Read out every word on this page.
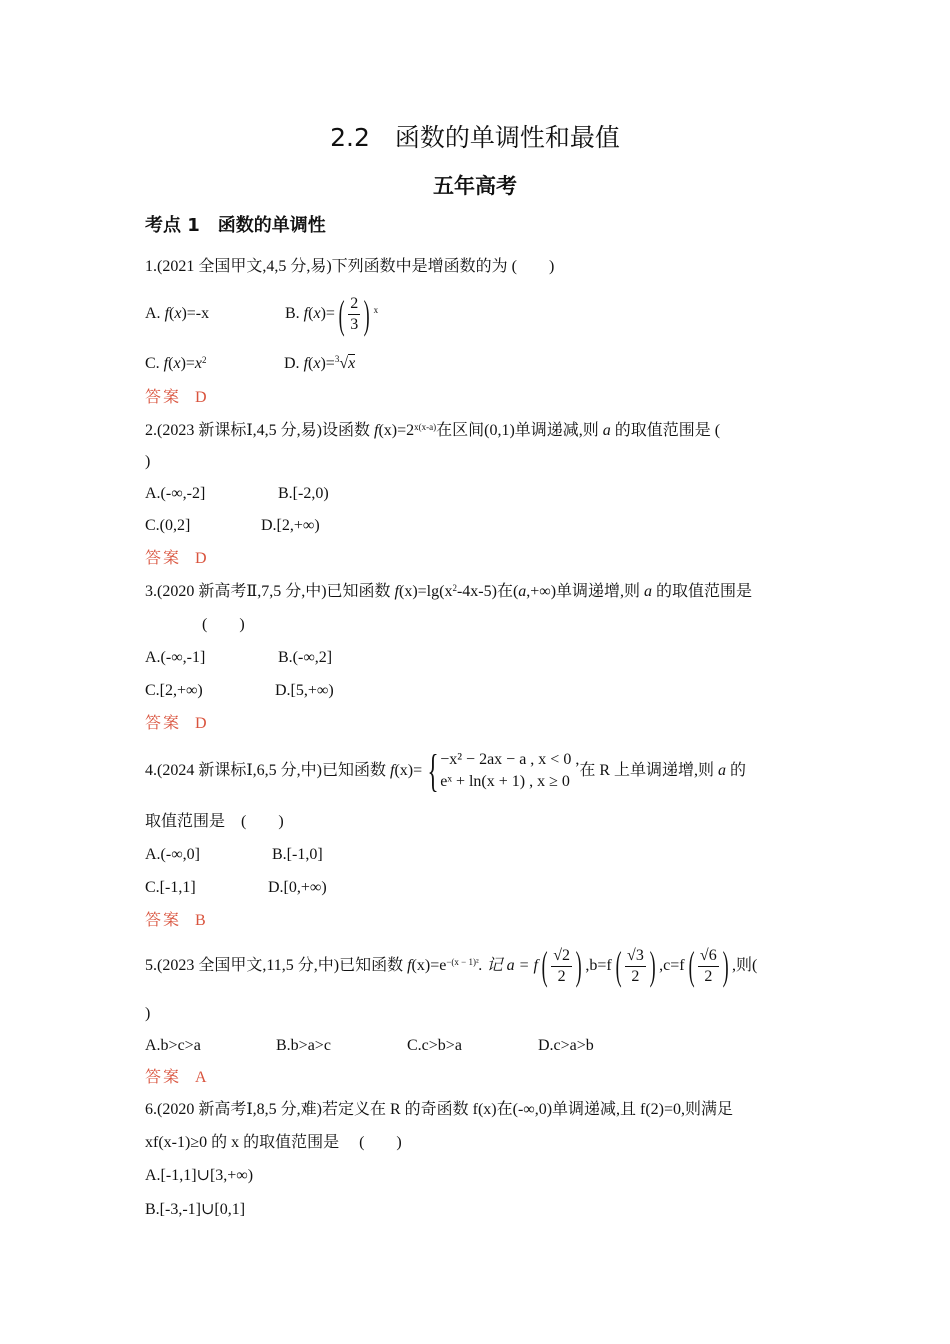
2.2　函数的单调性和最值
五年高考
考点 1　函数的单调性
1.(2021 全国甲文,4,5 分,易)下列函数中是增函数的为 (　　)
A. f(x)=-x	B. $f(x)=( \frac{2}{3}$ ) $^x$
C. $f(x)=x^2$	D. f(x)=$^3$√x
答案 D
2.(2023 新课标Ⅰ,4,5 分,易)设函数 $f(x)=2^{x(x-a)}$在区间(0,1)单调递减,则 a 的取值范围是 (
)
A.(-∞,-2]	B.[-2,0)
C.(0,2]	D.[2,+∞)
答案 D
3.(2020 新高考Ⅱ,7,5 分,中)已知函数 $f(x)=\lg(x^2-4x-5)$在(a,+∞)单调递增,则 a 的取值范围是
(　　)
A.(-∞,-1]	B.(-∞,2]
C.[2,+∞)	D.[5,+∞)
答案 D
4.(2024 新课标Ⅰ,6,5 分,中)已知函数 f(x)= { −x² − 2ax − a , x < 0 ,
eˣ + ln(x + 1) , x ≥ 0
在 R 上单调递增,则 a 的
取值范围是　(　　)
A.(-∞,0]	B.[-1,0]
C.[-1,1]	D.[0,+∞)
答案 B
5.(2023 全国甲文,11,5 分,中)已知函数 $f(x)=e^{-(x - 1)^2}$. 记 $a = f( \frac{√2}{2}$ ) $,b=f( \frac{√3}{2}$ ) $,c=f( \frac{√6}{2}$ ) ,则(
)
A.b>c>a	B.b>a>c	C.c>b>a	D.c>a>b
答案 A
6.(2020 新高考Ⅰ,8,5 分,难)若定义在 R 的奇函数 f(x)在(-∞,0)单调递减,且 f(2)=0,则满足
xf(x-1)≥0 的 x 的取值范围是　 (　　)
A.[-1,1]∪[3,+∞)
B.[-3,-1]∪[0,1]
